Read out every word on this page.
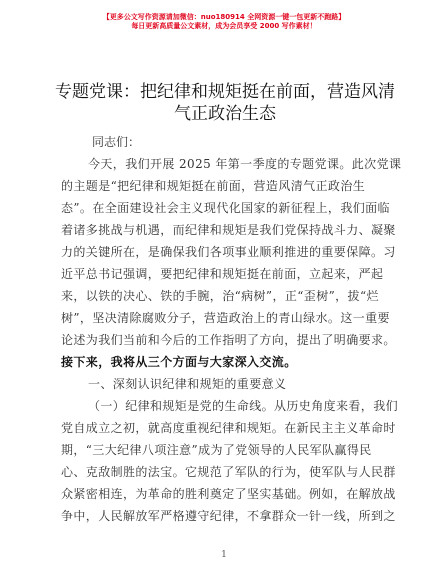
【更多公文写作资源请加微信：nuo180914 全网资源一键一包更新不跑路】
每日更新高质量公文素材，成为会员享受 2000 写作素材！
专题党课：把纪律和规矩挺在前面，营造风清
气正政治生态
同志们：
今天，我们开展 2025 年第一季度的专题党课。此次党课
的主题是“把纪律和规矩挺在前面，营造风清气正政治生
态”。在全面建设社会主义现代化国家的新征程上，我们面临
着诸多挑战与机遇，而纪律和规矩是我们党保持战斗力、凝聚
力的关键所在，是确保我们各项事业顺利推进的重要保障。习
近平总书记强调，要把纪律和规矩挺在前面，立起来，严起
来，以铁的决心、铁的手腕，治“病树”，正“歪树”，拔“烂
树”，坚决清除腐败分子，营造政治上的青山绿水。这一重要
论述为我们当前和今后的工作指明了方向，提出了明确要求。
接下来，我将从三个方面与大家深入交流。
一、深刻认识纪律和规矩的重要意义
（一）纪律和规矩是党的生命线。从历史角度来看，我们
党自成立之初，就高度重视纪律和规矩。在新民主主义革命时
期，“三大纪律八项注意”成为了党领导的人民军队赢得民
心、克敌制胜的法宝。它规范了军队的行为，使军队与人民群
众紧密相连，为革命的胜利奠定了坚实基础。例如，在解放战
争中，人民解放军严格遵守纪律，不拿群众一针一线，所到之
1
